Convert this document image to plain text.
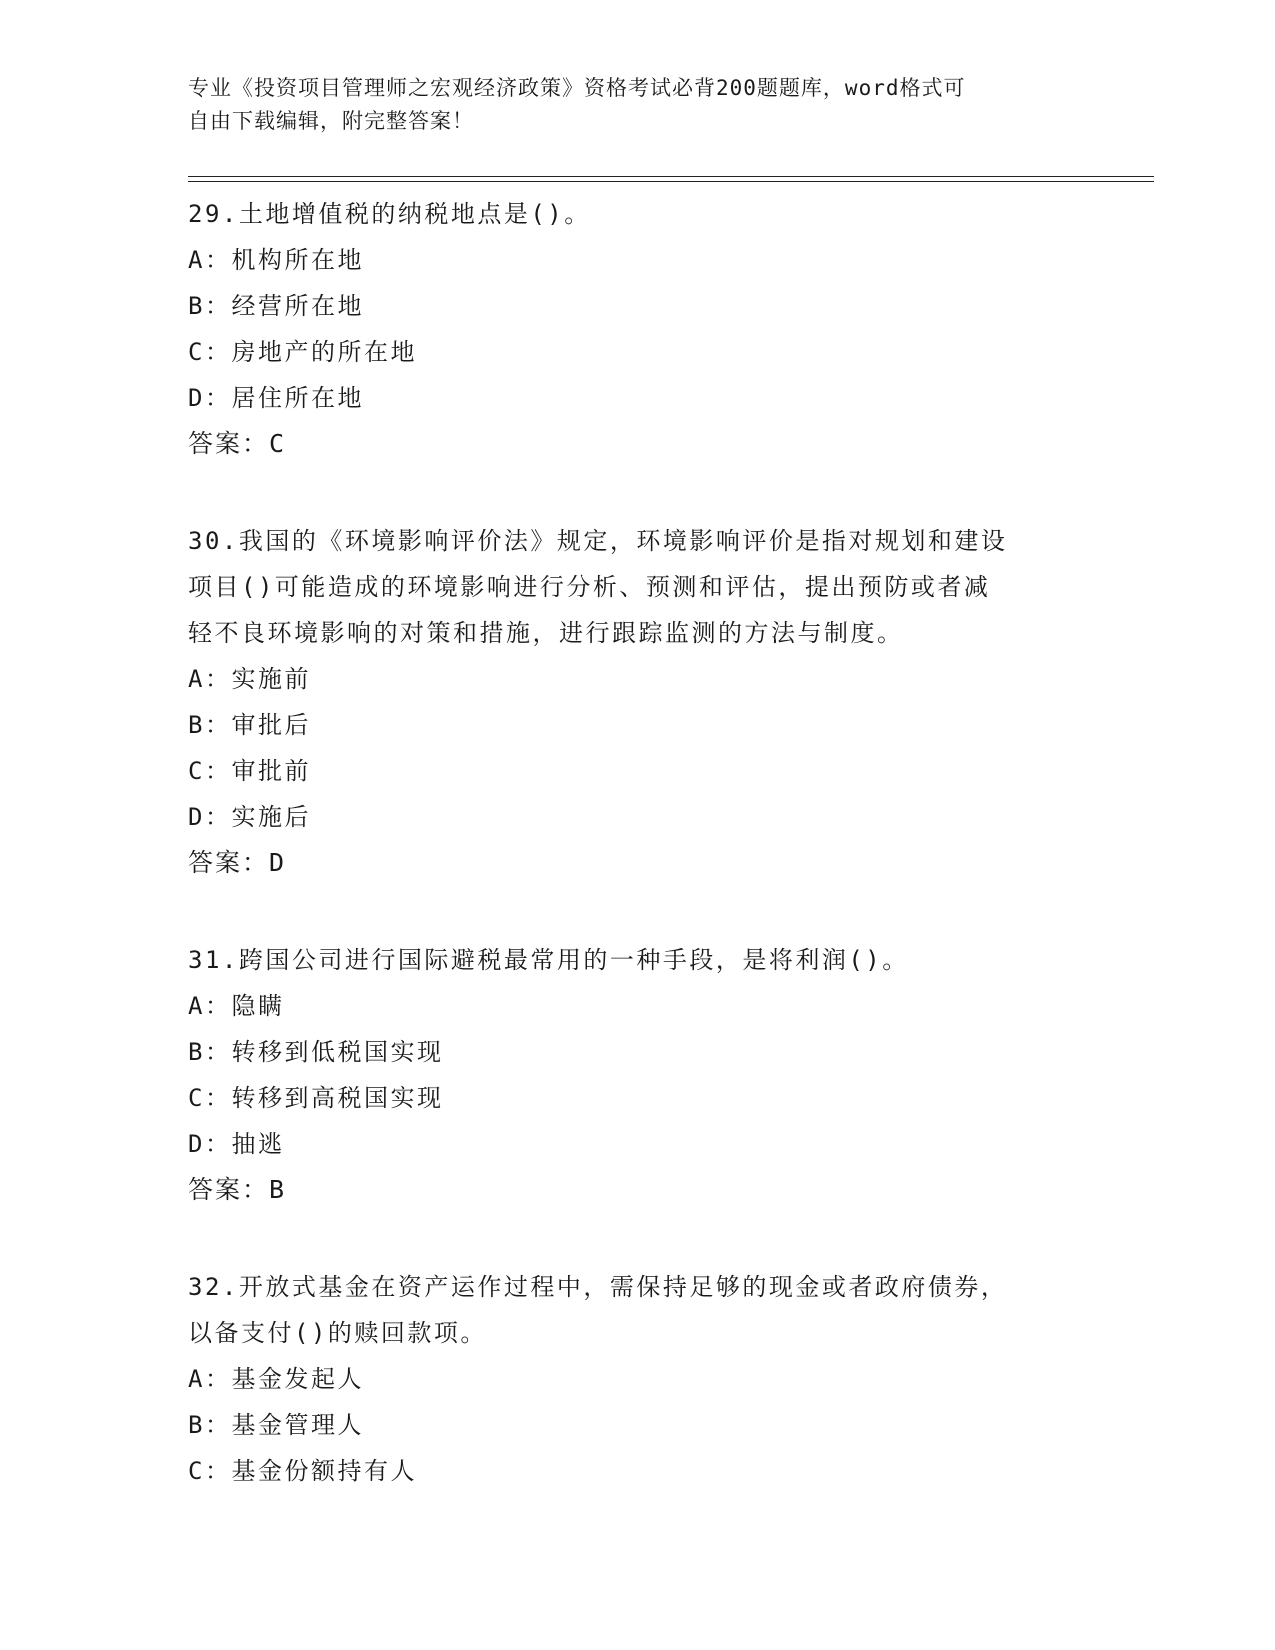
专业《投资项目管理师之宏观经济政策》资格考试必背200题题库，word格式可

自由下载编辑，附完整答案！

29.土地增值税的纳税地点是()。

A：机构所在地

B：经营所在地

C：房地产的所在地

D：居住所在地

答案：C

30.我国的《环境影响评价法》规定，环境影响评价是指对规划和建设

项目()可能造成的环境影响进行分析、预测和评估，提出预防或者减

轻不良环境影响的对策和措施，进行跟踪监测的方法与制度。

A：实施前

B：审批后

C：审批前

D：实施后

答案：D

31.跨国公司进行国际避税最常用的一种手段，是将利润()。

A：隐瞒

B：转移到低税国实现

C：转移到高税国实现

D：抽逃

答案：B

32.开放式基金在资产运作过程中，需保持足够的现金或者政府债券，

以备支付()的赎回款项。

A：基金发起人

B：基金管理人

C：基金份额持有人
